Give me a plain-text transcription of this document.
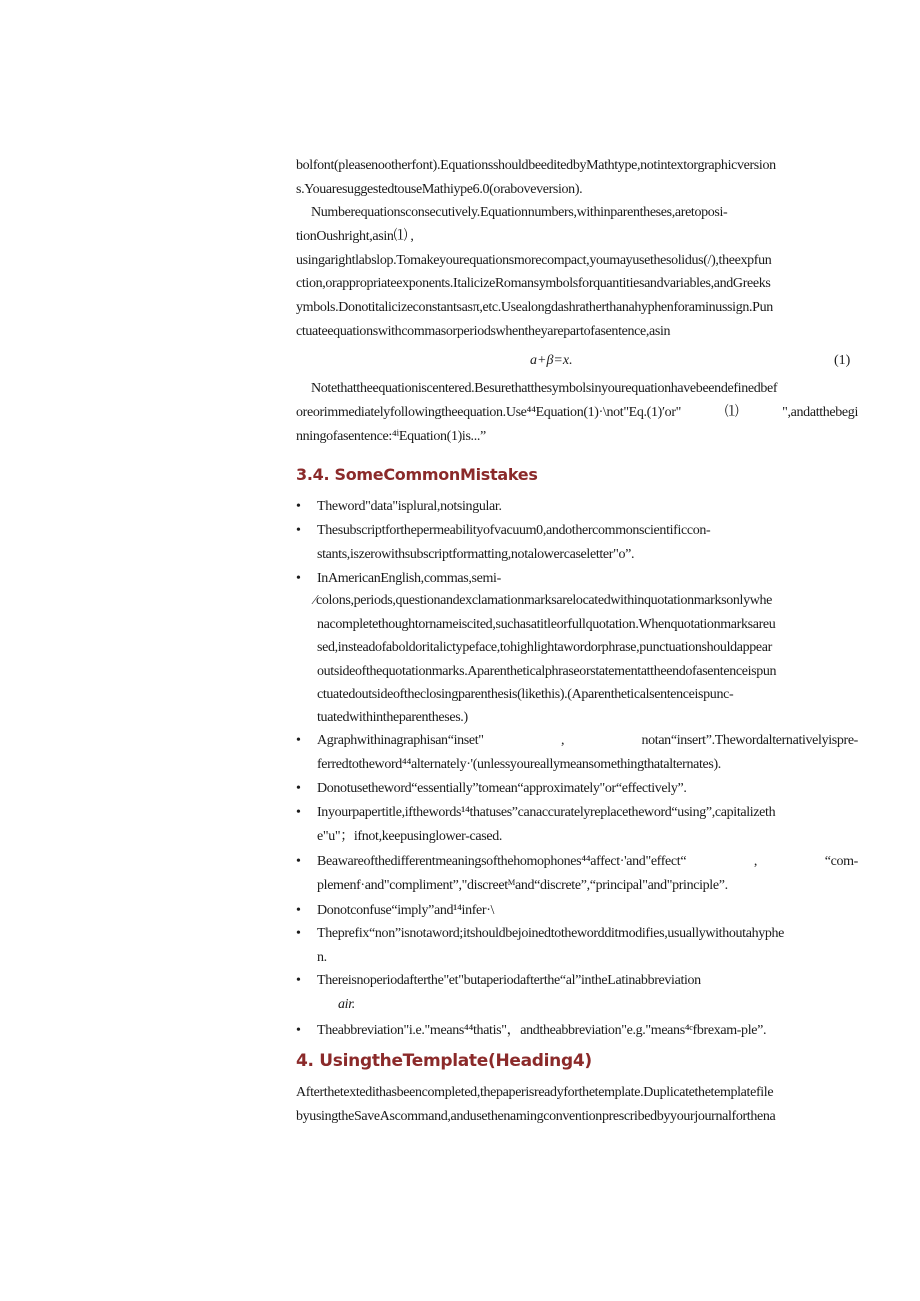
bolfont(pleasenootherfont).EquationsshouldbeeditedbyMathtype,notintextorgraphicversion
s.YouaresuggestedtouseMathiype6.0(oraboveversion).
Numberequationsconsecutively.Equationnumbers,withinparentheses,aretoposi-
tionOushright,asin⑴ ,
usingarightlabslop.Tomakeyourequationsmorecompact,youmayusethesolidus(/),theexpfun
ction,orappropriateexponents.ItalicizeRomansymbolsforquantitiesandvariables,andGreeks
ymbols.Donotitalicizeconstantsasπ,etc.Usealongdashratherthanahyphenforaminussign.Pun
ctuateequationswithcommasorperiodswhentheyarepartofasentence,asin
a+β=x.	(1)
Notethattheequationiscentered.Besurethatthesymbolsinyourequationhavebeendefinedbef
oreorimmediatelyfollowingtheequation.Use⁴⁴Equation(1)·\not"Eq.(1)′or"⑴",andatthebegi
nningofasentence:⁴ⁱEquation(1)is...”
3.4. SomeCommonMistakes
• Theword"data"isplural,notsingular.
• Thesubscriptforthepermeabilityofvacuum0,andothercommonscientificcon-
stants,iszerowithsubscriptformatting,notalowercaseletter"o”.
• InAmericanEnglish,commas,semi-
⁄colons,periods,questionandexclamationmarksarelocatedwithinquotationmarksonlywhe
nacompletethoughtornameiscited,suchasatitleorfullquotation.Whenquotationmarksareu
sed,insteadofaboldoritalictypeface,tohighlightawordorphrase,punctuationshouldappear
outsideofthequotationmarks.Aparentheticalphraseorstatementattheendofasentenceispun
ctuatedoutsideoftheclosingparenthesis(likethis).(Aparentheticalsentenceispunc-
tuatedwithintheparentheses.)
• Agraphwithinagraphisan“inset" , notan“insert”.Thewordalternativelyispre-
ferredtotheword⁴⁴alternately·'(unlessyoureallymeansomethingthatalternates).
• Donotusetheword“essentially”tomean“approximately"or“effectively”.
• Inyourpapertitle,ifthewords¹⁴thatuses”canaccuratelyreplacetheword“using”,capitalizeth
e"u"；ifnot,keepusinglower-cased.
• Beawareofthedifferentmeaningsofthehomophones⁴⁴affect·'and"effect“ , “com-
plemenf·and"compliment”,"discreetᴹand“discrete”,“principal"and"principle”.
• Donotconfuse“imply”and¹⁴infer·\
• Theprefix“non”isnotaword;itshouldbejoinedtothewordditmodifies,usuallywithoutahyphe
n.
• Thereisnoperiodafterthe"et"butaperiodafterthe“al”intheLatinabbreviation
air.
• Theabbreviation"i.e."means⁴⁴thatis"，andtheabbreviation"e.g."means⁴ᶜfbrexam-ple”.
4. UsingtheTemplate(Heading4)
Afterthetextedithasbeencompleted,thepaperisreadyforthetemplate.Duplicatethetemplatefile
byusingtheSaveAscommand,andusethenamingconventionprescribedbyyourjournalforthena
